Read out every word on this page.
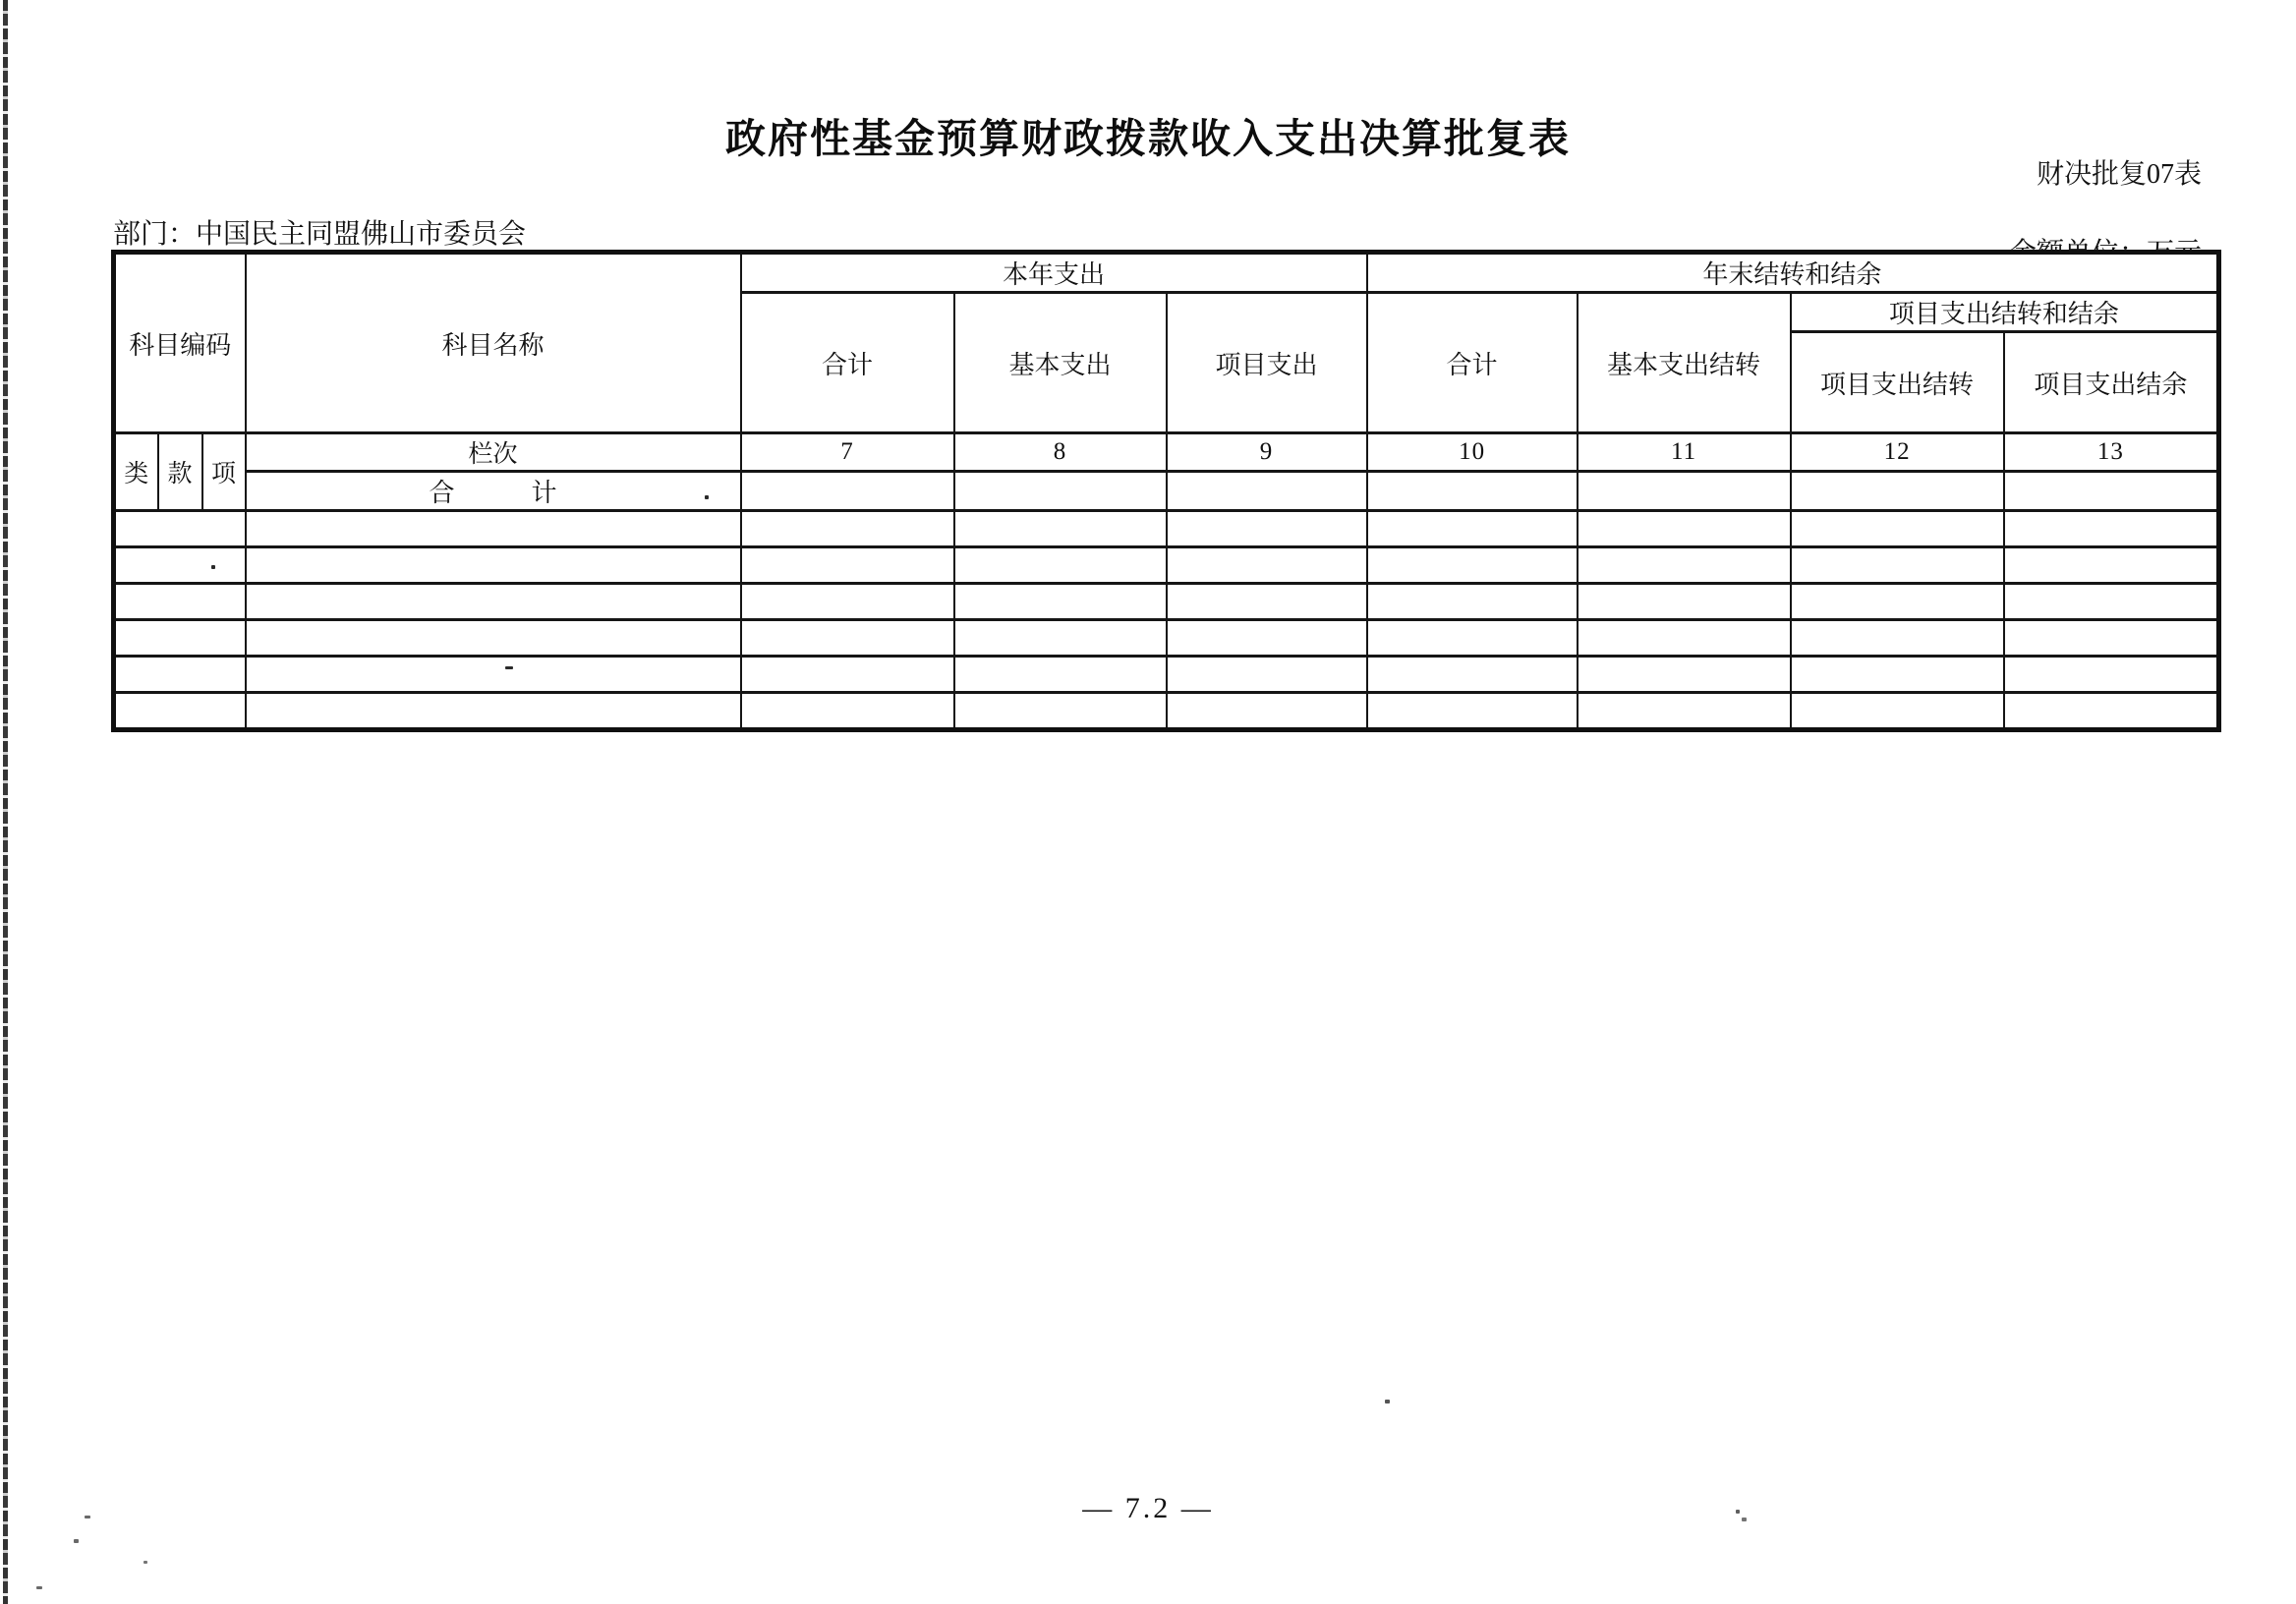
政府性基金预算财政拨款收入支出决算批复表
财决批复07表

部门：中国民主同盟佛山市委员会
科目编码			科目名称	本年支出			年末结转和结余			
				合计	基本支出	项目支出	合计	基本支出结转	项目支出结转和结余	
									项目支出结转	项目支出结余
类	款	项	栏次	7	8	9	10	11	12	13
			合　　　计							

— 7.2 —
